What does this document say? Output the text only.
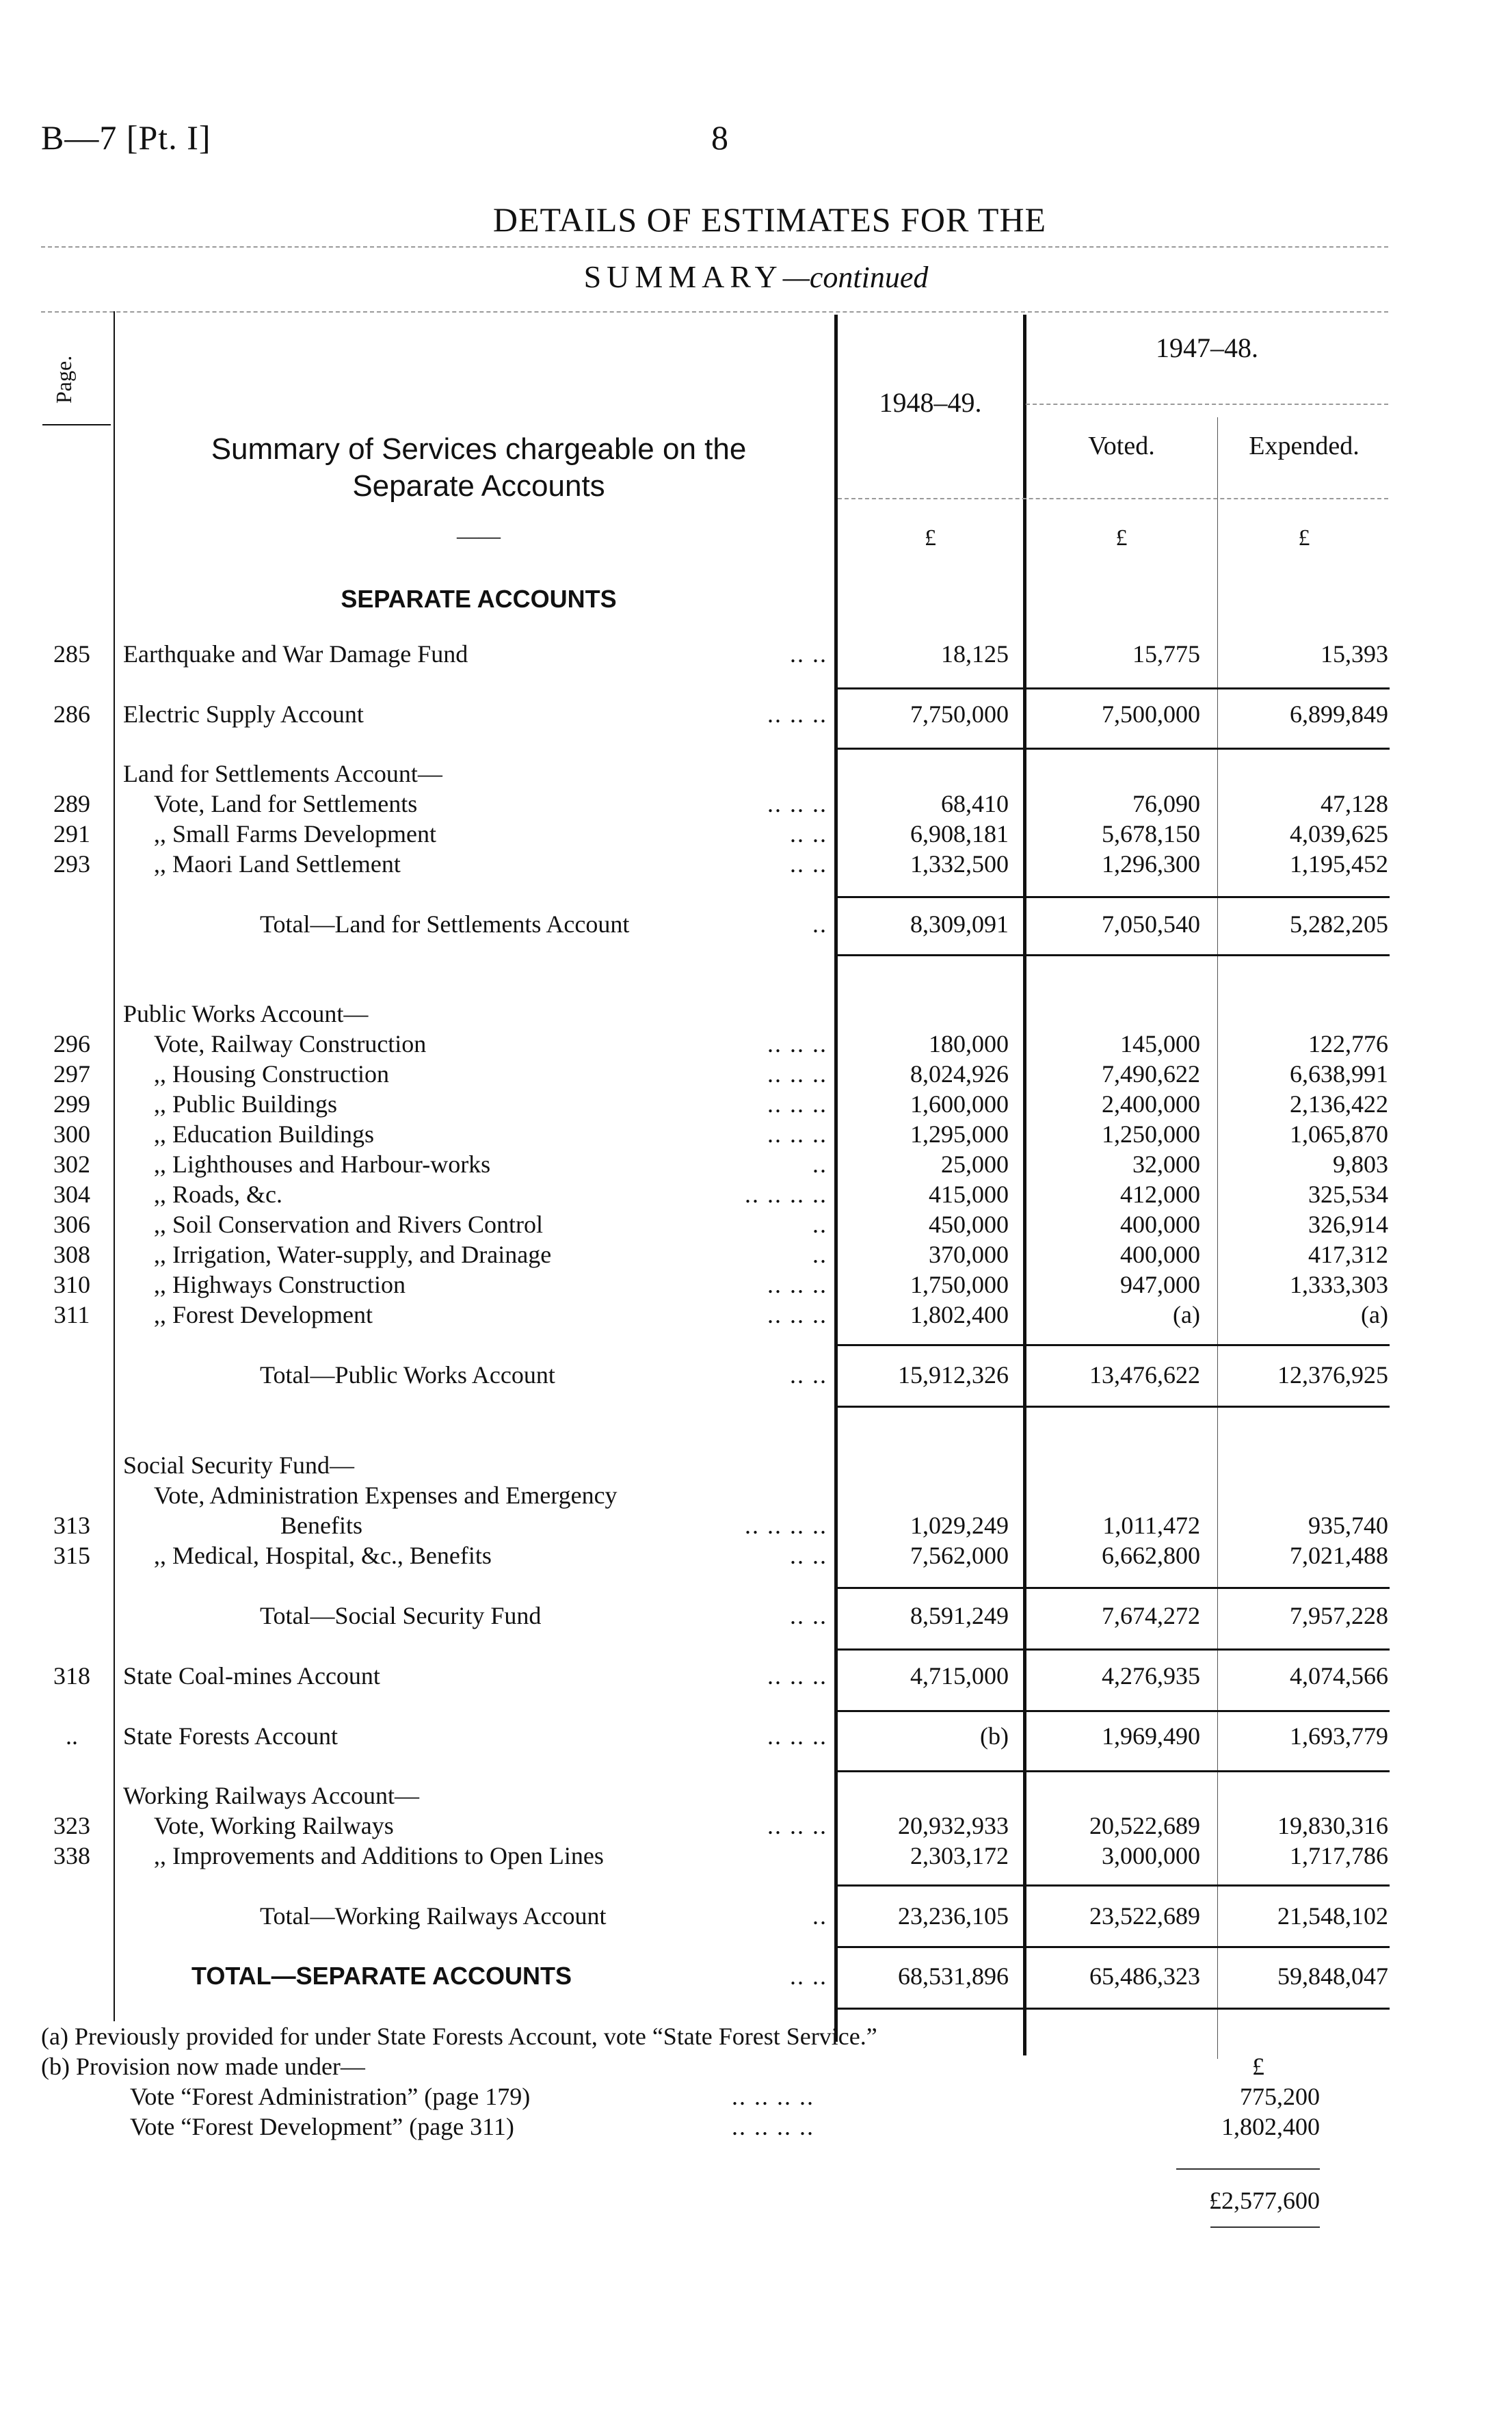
B—7 [Pt. I]	8
DETAILS OF ESTIMATES FOR THE
SUMMARY—continued
Page.
Summary of Services chargeable on the
Separate Accounts
1948–49.
1947–48.
Voted.	Expended.
——	£	£	£
SEPARATE ACCOUNTS
285	Earthquake and War Damage Fund	.. ..	18,125	15,775	15,393
286	Electric Supply Account	.. .. ..	7,750,000	7,500,000	6,899,849
Land for Settlements Account—
289	Vote, Land for Settlements	.. .. ..	68,410	76,090	47,128
291	,, Small Farms Development	.. ..	6,908,181	5,678,150	4,039,625
293	,, Maori Land Settlement	.. ..	1,332,500	1,296,300	1,195,452
Total—Land for Settlements Account	..	8,309,091	7,050,540	5,282,205
Public Works Account—
296	Vote, Railway Construction	.. .. ..	180,000	145,000	122,776
297	,, Housing Construction	.. .. ..	8,024,926	7,490,622	6,638,991
299	,, Public Buildings	.. .. ..	1,600,000	2,400,000	2,136,422
300	,, Education Buildings	.. .. ..	1,295,000	1,250,000	1,065,870
302	,, Lighthouses and Harbour-works	..	25,000	32,000	9,803
304	,, Roads, &c.	.. .. .. ..	415,000	412,000	325,534
306	,, Soil Conservation and Rivers Control	..	450,000	400,000	326,914
308	,, Irrigation, Water-supply, and Drainage	..	370,000	400,000	417,312
310	,, Highways Construction	.. .. ..	1,750,000	947,000	1,333,303
311	,, Forest Development	.. .. ..	1,802,400	(a)	(a)
Total—Public Works Account	.. ..	15,912,326	13,476,622	12,376,925
Social Security Fund—
Vote, Administration Expenses and Emergency
313	Benefits	.. .. .. ..	1,029,249	1,011,472	935,740
315	,, Medical, Hospital, &c., Benefits	.. ..	7,562,000	6,662,800	7,021,488
Total—Social Security Fund	.. ..	8,591,249	7,674,272	7,957,228
318	State Coal-mines Account	.. .. ..	4,715,000	4,276,935	4,074,566
..	State Forests Account	.. .. ..	(b)	1,969,490	1,693,779
Working Railways Account—
323	Vote, Working Railways	.. .. ..	20,932,933	20,522,689	19,830,316
338	,, Improvements and Additions to Open Lines	2,303,172	3,000,000	1,717,786
Total—Working Railways Account	..	23,236,105	23,522,689	21,548,102
TOTAL—SEPARATE ACCOUNTS	.. ..	68,531,896	65,486,323	59,848,047
(a) Previously provided for under State Forests Account, vote “State Forest Service.”
(b) Provision now made under—	£
Vote “Forest Administration” (page 179)	.. .. .. ..	775,200
Vote “Forest Development” (page 311)	.. .. .. ..	1,802,400
£2,577,600
